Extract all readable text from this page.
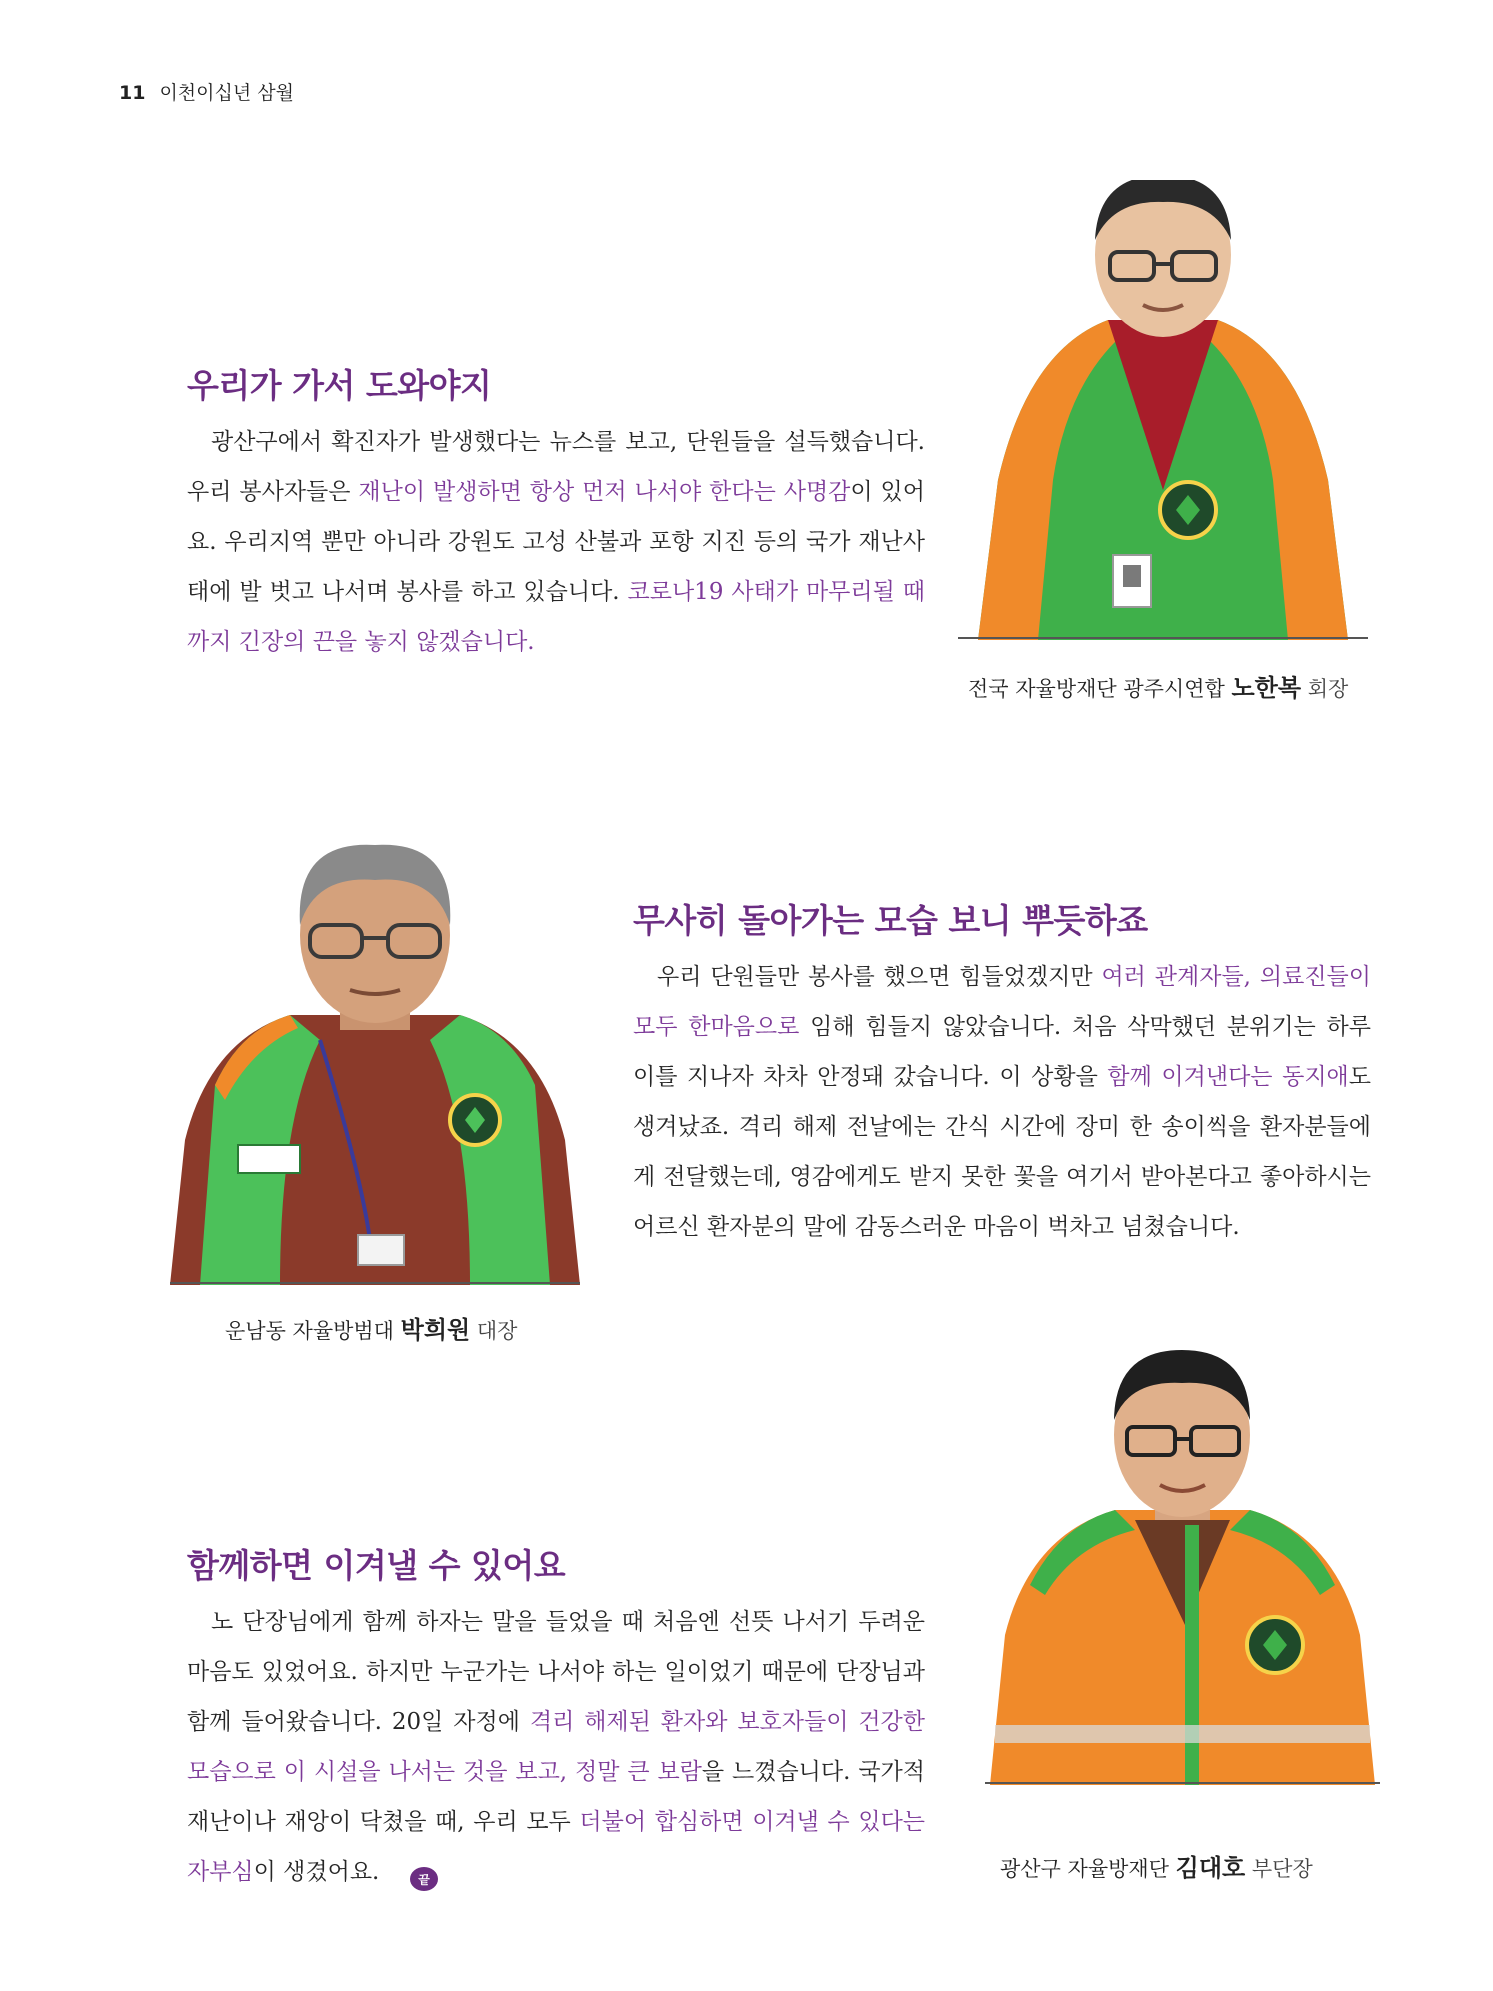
11 이천이십년 삼월
우리가 가서 도와야지

광산구에서 확진자가 발생했다는 뉴스를 보고, 단원들을 설득했습니다. 우리 봉사자들은 재난이 발생하면 항상 먼저 나서야 한다는 사명감이 있어요. 우리지역 뿐만 아니라 강원도 고성 산불과 포항 지진 등의 국가 재난사태에 발 벗고 나서며 봉사를 하고 있습니다. 코로나19 사태가 마무리될 때까지 긴장의 끈을 놓지 않겠습니다.

전국 자율방재단 광주시연합 노한복 회장
운남동 자율방범대 박희원 대장
무사히 돌아가는 모습 보니 뿌듯하죠

우리 단원들만 봉사를 했으면 힘들었겠지만 여러 관계자들, 의료진들이 모두 한마음으로 임해 힘들지 않았습니다. 처음 삭막했던 분위기는 하루 이틀 지나자 차차 안정돼 갔습니다. 이 상황을 함께 이겨낸다는 동지애도 생겨났죠. 격리 해제 전날에는 간식 시간에 장미 한 송이씩을 환자분들에게 전달했는데, 영감에게도 받지 못한 꽃을 여기서 받아본다고 좋아하시는 어르신 환자분의 말에 감동스러운 마음이 벅차고 넘쳤습니다.

함께하면 이겨낼 수 있어요

노 단장님에게 함께 하자는 말을 들었을 때 처음엔 선뜻 나서기 두려운 마음도 있었어요. 하지만 누군가는 나서야 하는 일이었기 때문에 단장님과 함께 들어왔습니다. 20일 자정에 격리 해제된 환자와 보호자들이 건강한 모습으로 이 시설을 나서는 것을 보고, 정말 큰 보람을 느꼈습니다. 국가적 재난이나 재앙이 닥쳤을 때, 우리 모두 더불어 합심하면 이겨낼 수 있다는 자부심이 생겼어요.	끝	광산구 자율방재단 김대호 부단장
